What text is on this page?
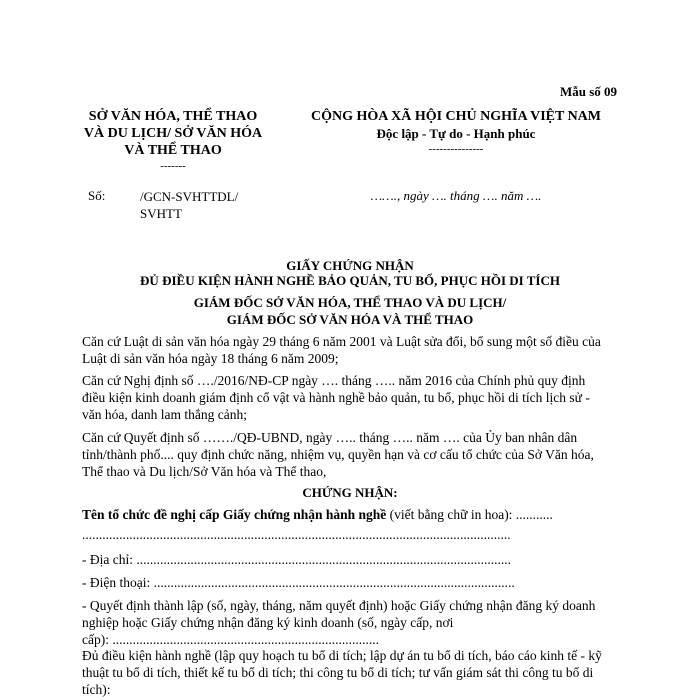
Mẫu số 09
SỞ VĂN HÓA, THỂ THAO
VÀ DU LỊCH/ SỞ VĂN HÓA
VÀ THỂ THAO
-------
CỘNG HÒA XÃ HỘI CHỦ NGHĨA VIỆT NAM
Độc lập - Tự do - Hạnh phúc
---------------
Số:	/GCN-SVHTTDL/
SVHTT
……., ngày …. tháng …. năm ….
GIẤY CHỨNG NHẬN
ĐỦ ĐIỀU KIỆN HÀNH NGHỀ BẢO QUẢN, TU BỔ, PHỤC HỒI DI TÍCH
GIÁM ĐỐC SỞ VĂN HÓA, THỂ THAO VÀ DU LỊCH/
GIÁM ĐỐC SỞ VĂN HÓA VÀ THỂ THAO
Căn cứ Luật di sản văn hóa ngày 29 tháng 6 năm 2001 và Luật sửa đổi, bổ sung một số điều của
Luật di sản văn hóa ngày 18 tháng 6 năm 2009;
Căn cứ Nghị định số …./2016/NĐ-CP ngày …. tháng ….. năm 2016 của Chính phủ quy định
điều kiện kinh doanh giám định cổ vật và hành nghề bảo quản, tu bổ, phục hồi di tích lịch sử -
văn hóa, danh lam thắng cảnh;
Căn cứ Quyết định số ……./QĐ-UBND, ngày ….. tháng ….. năm …. của Ủy ban nhân dân
tỉnh/thành phố.... quy định chức năng, nhiệm vụ, quyền hạn và cơ cấu tổ chức của Sở Văn hóa,
Thể thao và Du lịch/Sở Văn hóa và Thể thao,
CHỨNG NHẬN:
Tên tổ chức đề nghị cấp Giấy chứng nhận hành nghề (viết bằng chữ in hoa): ...........
...............................................................................................................................
- Địa chỉ: ...............................................................................................................
- Điện thoại: ...........................................................................................................
- Quyết định thành lập (số, ngày, tháng, năm quyết định) hoặc Giấy chứng nhận đăng ký doanh
nghiệp hoặc Giấy chứng nhận đăng ký kinh doanh (số, ngày cấp, nơi
cấp): ...............................................................................
Đủ điều kiện hành nghề (lập quy hoạch tu bổ di tích; lập dự án tu bổ di tích, báo cáo kinh tế - kỹ
thuật tu bổ di tích, thiết kế tu bổ di tích; thi công tu bổ di tích; tư vấn giám sát thi công tu bổ di
tích):
